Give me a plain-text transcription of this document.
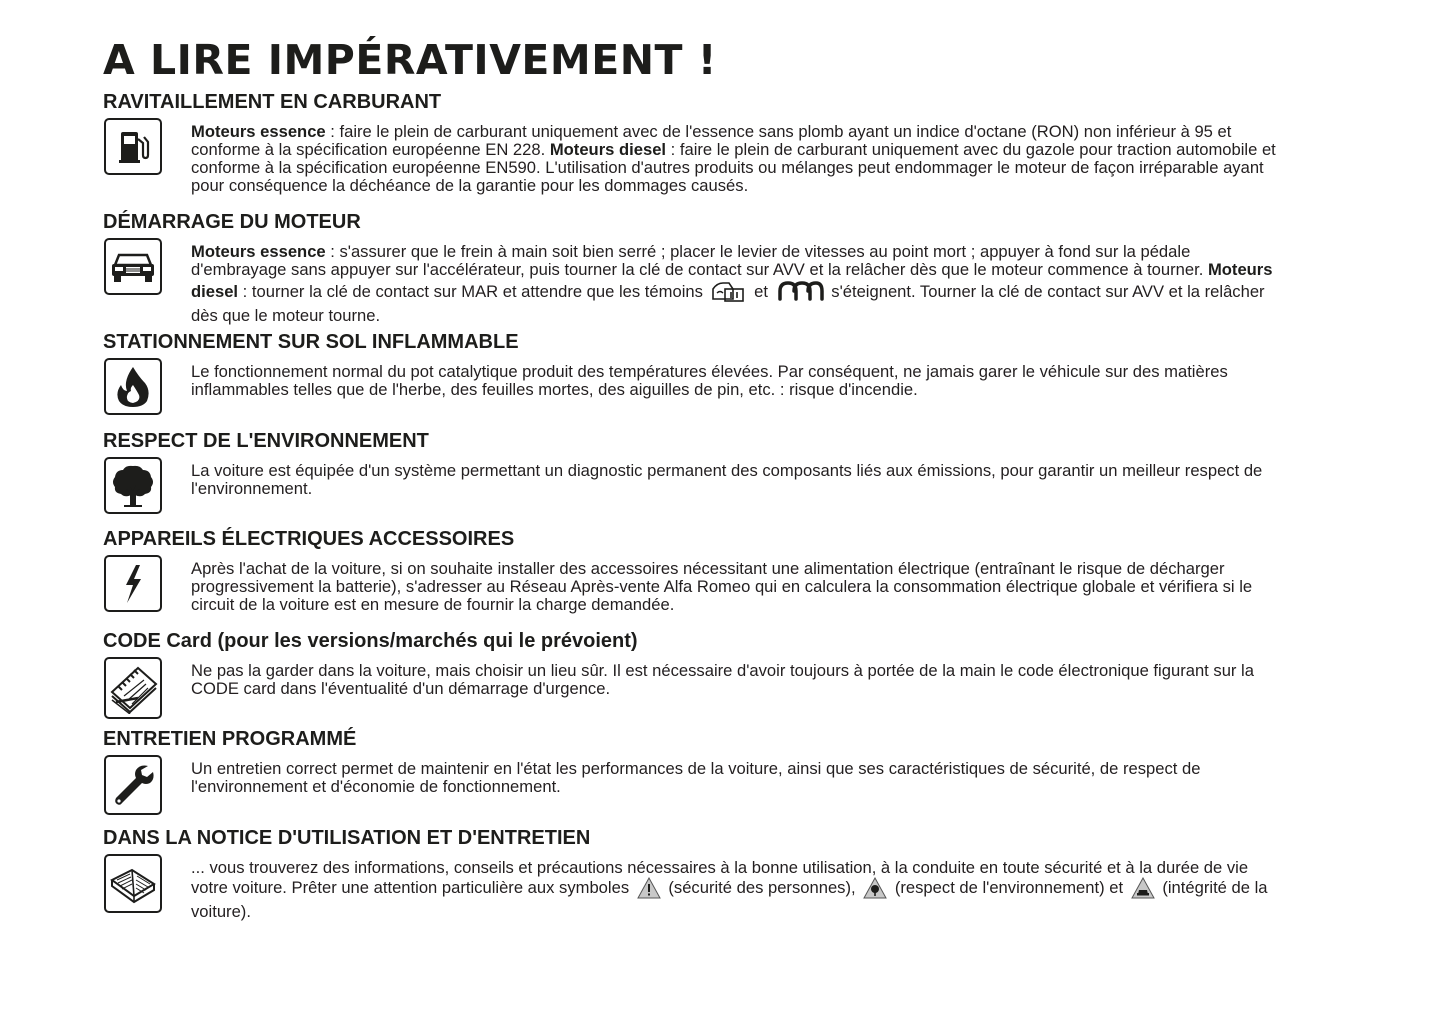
A LIRE IMPÉRATIVEMENT !
RAVITAILLEMENT EN CARBURANT
Moteurs essence : faire le plein de carburant uniquement avec de l'essence sans plomb ayant un indice d'octane (RON) non inférieur à 95 et conforme à la spécification européenne EN 228. Moteurs diesel : faire le plein de carburant uniquement avec du gazole pour traction automobile et conforme à la spécification européenne EN590. L'utilisation d'autres produits ou mélanges peut endommager le moteur de façon irréparable ayant pour conséquence la déchéance de la garantie pour les dommages causés.
DÉMARRAGE DU MOTEUR
Moteurs essence : s'assurer que le frein à main soit bien serré ; placer le levier de vitesses au point mort ; appuyer à fond sur la pédale d'embrayage sans appuyer sur l'accélérateur, puis tourner la clé de contact sur AVV et la relâcher dès que le moteur commence à tourner. Moteurs diesel : tourner la clé de contact sur MAR et attendre que les témoins	et	s'éteignent. Tourner la clé de contact sur AVV et la relâcher dès que le moteur tourne.
STATIONNEMENT SUR SOL INFLAMMABLE
Le fonctionnement normal du pot catalytique produit des températures élevées. Par conséquent, ne jamais garer le véhicule sur des matières inflammables telles que de l'herbe, des feuilles mortes, des aiguilles de pin, etc. : risque d'incendie.
RESPECT DE L'ENVIRONNEMENT
La voiture est équipée d'un système permettant un diagnostic permanent des composants liés aux émissions, pour garantir un meilleur respect de l'environnement.
APPAREILS ÉLECTRIQUES ACCESSOIRES
Après l'achat de la voiture, si on souhaite installer des accessoires nécessitant une alimentation électrique (entraînant le risque de décharger progressivement la batterie), s'adresser au Réseau Après-vente Alfa Romeo qui en calculera la consommation électrique globale et vérifiera si le circuit de la voiture est en mesure de fournir la charge demandée.
CODE Card (pour les versions/marchés qui le prévoient)
Ne pas la garder dans la voiture, mais choisir un lieu sûr. Il est nécessaire d'avoir toujours à portée de la main le code électronique figurant sur la CODE card dans l'éventualité d'un démarrage d'urgence.
ENTRETIEN PROGRAMMÉ
Un entretien correct permet de maintenir en l'état les performances de la voiture, ainsi que ses caractéristiques de sécurité, de respect de l'environnement et d'économie de fonctionnement.
DANS LA NOTICE D'UTILISATION ET D'ENTRETIEN
... vous trouverez des informations, conseils et précautions nécessaires à la bonne utilisation, à la conduite en toute sécurité et à la durée de vie votre voiture. Prêter une attention particulière aux symboles (sécurité des personnes), (respect de l'environnement) et (intégrité de la voiture).
